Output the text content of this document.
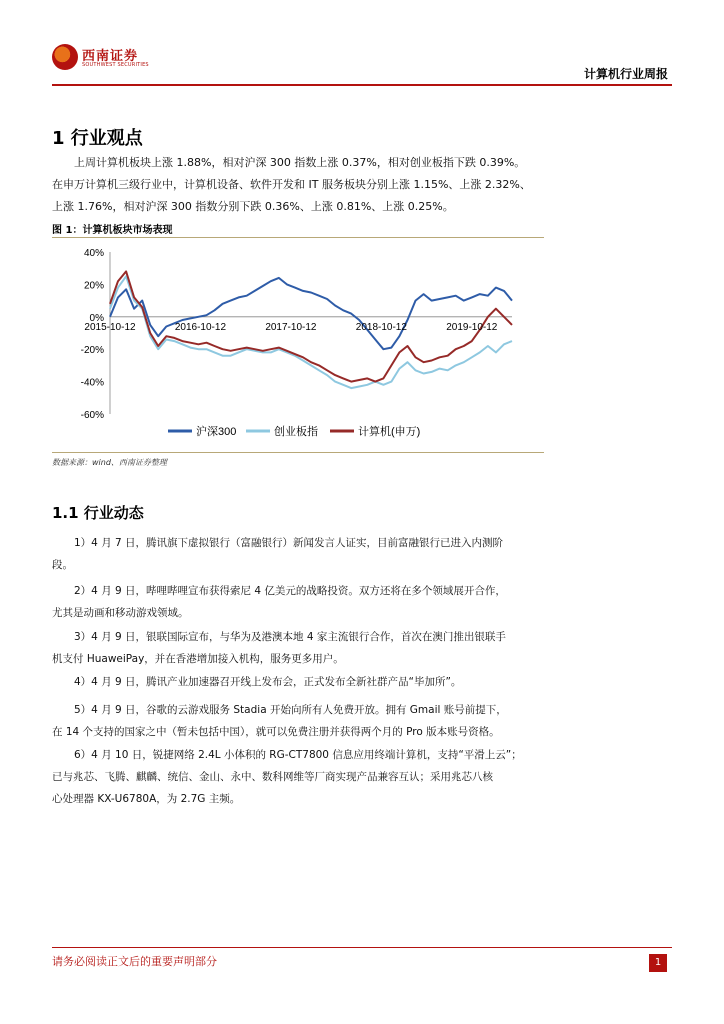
西南证券
SOUTHWEST SECURITIES
计算机行业周报
1 行业观点
上周计算机板块上涨 1.88%，相对沪深 300 指数上涨 0.37%，相对创业板指下跌 0.39%。
在申万计算机三级行业中，计算机设备、软件开发和 IT 服务板块分别上涨 1.15%、上涨 2.32%、
上涨 1.76%，相对沪深 300 指数分别下跌 0.36%、上涨 0.81%、上涨 0.25%。
图 1：计算机板块市场表现
40%
20%
0%
-20%
-40%
-60%
2015-10-12	2016-10-12	2017-10-12	2018-10-12	2019-10-12
沪深300	创业板指	计算机(申万)
数据来源：wind、西南证券整理
1.1 行业动态
1）4 月 7 日，腾讯旗下虚拟银行（富融银行）新闻发言人证实，目前富融银行已进入内测阶
段。
2）4 月 9 日，哔哩哔哩宣布获得索尼 4 亿美元的战略投资。双方还将在多个领域展开合作，
尤其是动画和移动游戏领域。
3）4 月 9 日，银联国际宣布，与华为及港澳本地 4 家主流银行合作，首次在澳门推出银联手
机支付 HuaweiPay，并在香港增加接入机构，服务更多用户。
4）4 月 9 日，腾讯产业加速器召开线上发布会，正式发布全新社群产品“毕加所”。
5）4 月 9 日，谷歌的云游戏服务 Stadia 开始向所有人免费开放。拥有 Gmail 账号前提下，
在 14 个支持的国家之中（暂未包括中国），就可以免费注册并获得两个月的 Pro 版本账号资格。
6）4 月 10 日，锐捷网络 2.4L 小体积的 RG-CT7800 信息应用终端计算机，支持“平滑上云”；
已与兆芯、飞腾、麒麟、统信、金山、永中、数科网维等厂商实现产品兼容互认；采用兆芯八核
心处理器 KX-U6780A，为 2.7G 主频。
请务必阅读正文后的重要声明部分	1
